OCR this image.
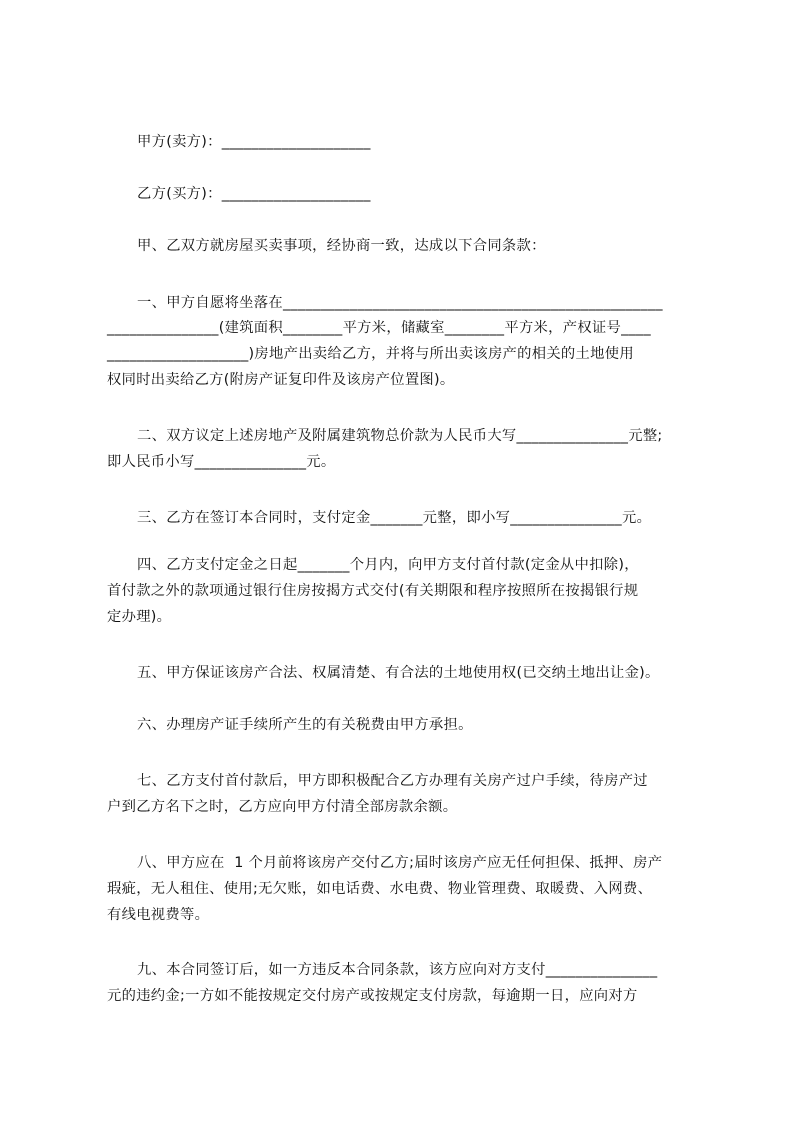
甲方(卖方)：____________________
乙方(买方)：____________________
甲、乙双方就房屋买卖事项，经协商一致，达成以下合同条款：
一、甲方自愿将坐落在___________________________________________________
_______________(建筑面积________平方米，储藏室________平方米，产权证号____
___________________)房地产出卖给乙方，并将与所出卖该房产的相关的土地使用
权同时出卖给乙方(附房产证复印件及该房产位置图)。
二、双方议定上述房地产及附属建筑物总价款为人民币大写_______________元整;
即人民币小写_______________元。
三、乙方在签订本合同时，支付定金_______元整，即小写_______________元。
四、乙方支付定金之日起_______个月内，向甲方支付首付款(定金从中扣除)，
首付款之外的款项通过银行住房按揭方式交付(有关期限和程序按照所在按揭银行规
定办理)。
五、甲方保证该房产合法、权属清楚、有合法的土地使用权(已交纳土地出让金)。
六、办理房产证手续所产生的有关税费由甲方承担。
七、乙方支付首付款后，甲方即积极配合乙方办理有关房产过户手续，待房产过
户到乙方名下之时，乙方应向甲方付清全部房款余额。
八、甲方应在  1 个月前将该房产交付乙方;届时该房产应无任何担保、抵押、房产
瑕疵，无人租住、使用;无欠账，如电话费、水电费、物业管理费、取暖费、入网费、
有线电视费等。
九、本合同签订后，如一方违反本合同条款，该方应向对方支付_______________
元的违约金;一方如不能按规定交付房产或按规定支付房款，每逾期一日，应向对方
